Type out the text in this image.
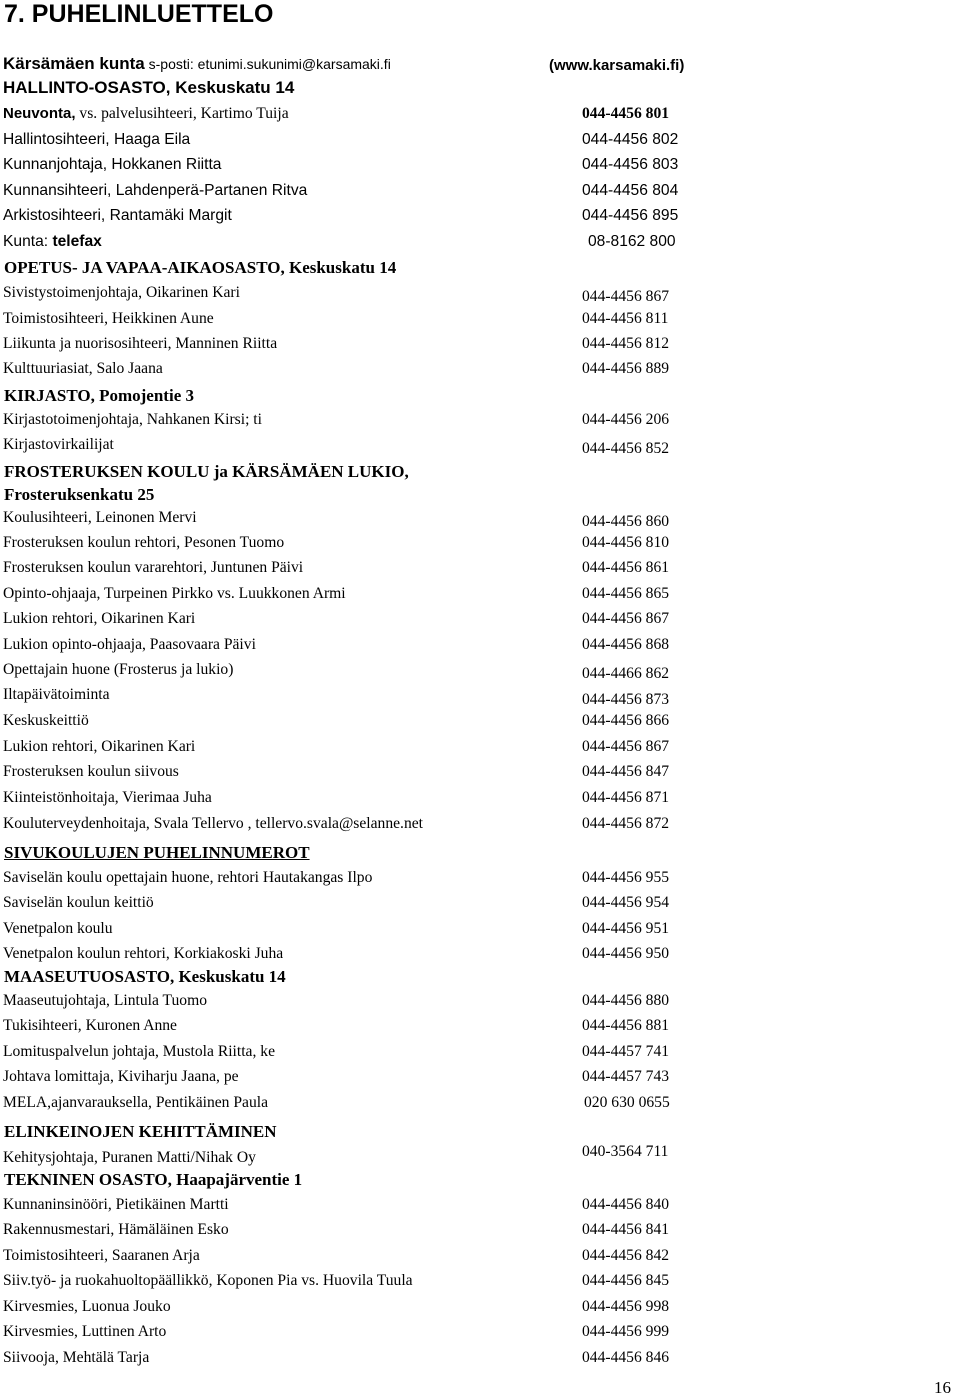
7. PUHELINLUETTELO
Kärsämäen kunta s-posti: etunimi.sukunimi@karsamaki.fi	(www.karsamaki.fi)
HALLINTO-OSASTO, Keskuskatu 14
Neuvonta, vs. palvelusihteeri, Kartimo Tuija	044-4456 801
Hallintosihteeri, Haaga Eila	044-4456 802
Kunnanjohtaja, Hokkanen Riitta	044-4456 803
Kunnansihteeri, Lahdenperä-Partanen Ritva	044-4456 804
Arkistosihteeri, Rantamäki Margit	044-4456 895
Kunta: telefax	08-8162 800
OPETUS- JA VAPAA-AIKAOSASTO, Keskuskatu 14
Sivistystoimenjohtaja, Oikarinen Kari	044-4456 867
Toimistosihteeri, Heikkinen Aune	044-4456 811
Liikunta ja nuorisosihteeri, Manninen Riitta	044-4456 812
Kulttuuriasiat, Salo Jaana	044-4456 889
KIRJASTO, Pomojentie 3
Kirjastotoimenjohtaja, Nahkanen Kirsi; ti	044-4456 206
Kirjastovirkailijat	044-4456 852
FROSTERUKSEN KOULU ja KÄRSÄMÄEN LUKIO,
Frosteruksenkatu 25
Koulusihteeri, Leinonen Mervi	044-4456 860
Frosteruksen koulun rehtori, Pesonen Tuomo	044-4456 810
Frosteruksen koulun vararehtori, Juntunen Päivi	044-4456 861
Opinto-ohjaaja, Turpeinen Pirkko vs. Luukkonen Armi	044-4456 865
Lukion rehtori, Oikarinen Kari	044-4456 867
Lukion opinto-ohjaaja, Paasovaara Päivi	044-4456 868
Opettajain huone (Frosterus ja lukio)	044-4466 862
Iltapäivätoiminta	044-4456 873
Keskuskeittiö	044-4456 866
Lukion rehtori, Oikarinen Kari	044-4456 867
Frosteruksen koulun siivous	044-4456 847
Kiinteistönhoitaja, Vierimaa Juha	044-4456 871
Kouluterveydenhoitaja, Svala Tellervo , tellervo.svala@selanne.net	044-4456 872
SIVUKOULUJEN PUHELINNUMEROT
Saviselän koulu opettajain huone, rehtori Hautakangas Ilpo	044-4456 955
Saviselän koulun keittiö	044-4456 954
Venetpalon koulu	044-4456 951
Venetpalon koulun rehtori, Korkiakoski Juha	044-4456 950
MAASEUTUOSASTO, Keskuskatu 14
Maaseutujohtaja, Lintula Tuomo	044-4456 880
Tukisihteeri, Kuronen Anne	044-4456 881
Lomituspalvelun johtaja, Mustola Riitta, ke	044-4457 741
Johtava lomittaja, Kiviharju Jaana, pe	044-4457 743
MELA,ajanvarauksella, Pentikäinen Paula	020 630 0655
ELINKEINOJEN KEHITTÄMINEN
Kehitysjohtaja, Puranen Matti/Nihak Oy	040-3564 711
TEKNINEN OSASTO, Haapajärventie 1
Kunnaninsinööri, Pietikäinen Martti	044-4456 840
Rakennusmestari, Hämäläinen Esko	044-4456 841
Toimistosihteeri, Saaranen Arja	044-4456 842
Siiv.työ- ja ruokahuoltopäällikkö, Koponen Pia vs. Huovila Tuula	044-4456 845
Kirvesmies, Luonua Jouko	044-4456 998
Kirvesmies, Luttinen Arto	044-4456 999
Siivooja, Mehtälä Tarja	044-4456 846
16
